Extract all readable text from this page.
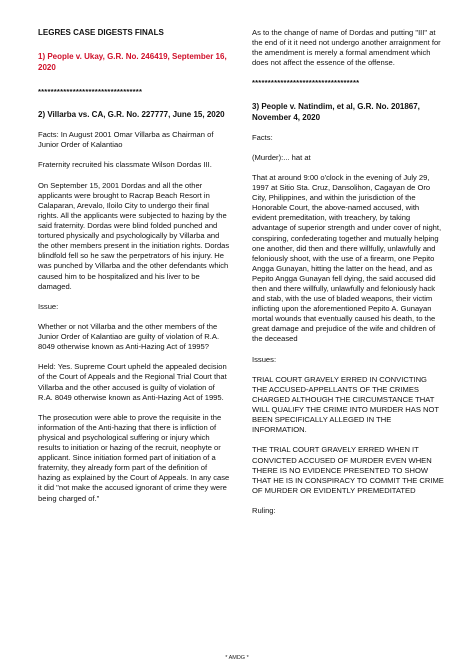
LEGRES CASE DIGESTS FINALS

1) People v. Ukay, G.R. No. 246419, September 16, 2020

*********************************

2) Villarba vs. CA, G.R. No. 227777, June 15, 2020

Facts: In August 2001 Omar Villarba as Chairman of Junior Order of Kalantiao

Fraternity recruited his classmate Wilson Dordas III.

On September 15, 2001 Dordas and all the other applicants were brought to Racrap Beach Resort in Calaparan, Arevalo, Iloilo City to undergo their final rights. All the applicants were subjected to hazing by the said fraternity. Dordas were blind folded punched and tortured physically and psychologically by Villarba and the other members present in the initiation rights. Dordas blindfold fell so he saw the perpetrators of his injury. He was punched by Villarba and the other defendants which caused him to be hospitalized and his liver to be damaged.

Issue:

Whether or not Villarba and the other members of the Junior Order of Kalantiao are guilty of violation of R.A. 8049 otherwise known as Anti-Hazing Act of 1995?

Held: Yes. Supreme Court upheld the appealed decision of the Court of Appeals and the Regional Trial Court that Villarba and the other accused is guilty of violation of R.A. 8049 otherwise known as Anti-Hazing Act of 1995.

The prosecution were able to prove the requisite in the information of the Anti-hazing that there is infliction of physical and psychological suffering or injury which results to initiation or hazing of the recruit, neophyte or applicant. Since initiation formed part of initiation of a fraternity, they already form part of the definition of hazing as explained by the Court of Appeals. In any case it did "not make the accused ignorant of crime they were being charged of."

As to the change of name of Dordas and putting "III" at the end of it it need not undergo another arraignment for the amendment is merely a formal amendment which does not affect the essence of the offense.

**********************************

3) People v. Natindim, et al, G.R. No. 201867, November 4, 2020

Facts:

(Murder):... hat at

That at around 9:00 o'clock in the evening of July 29, 1997 at Sitio Sta. Cruz, Dansolihon, Cagayan de Oro City, Philippines, and within the jurisdiction of the Honorable Court, the above-named accused, with evident premeditation, with treachery, by taking advantage of superior strength and under cover of night, conspiring, confederating together and mutually helping one another, did then and there willfully, unlawfully and feloniously shoot, with the use of a firearm, one Pepito Angga Gunayan, hitting the latter on the head, and as Pepito Angga Gunayan fell dying, the said accused did then and there willfully, unlawfully and feloniously hack and stab, with the use of bladed weapons, their victim inflicting upon the aforementioned Pepito A. Gunayan mortal wounds that eventually caused his death, to the great damage and prejudice of the wife and children of the deceased

Issues:

TRIAL COURT GRAVELY ERRED IN CONVICTING THE ACCUSED-APPELLANTS OF THE CRIMES CHARGED ALTHOUGH THE CIRCUMSTANCE THAT WILL QUALIFY THE CRIME INTO MURDER HAS NOT BEEN SPECIFICALLY ALLEGED IN THE INFORMATION.

THE TRIAL COURT GRAVELY ERRED WHEN IT CONVICTED ACCUSED OF MURDER EVEN WHEN THERE IS NO EVIDENCE PRESENTED TO SHOW THAT HE IS IN CONSPIRACY TO COMMIT THE CRIME OF MURDER OR EVIDENTLY PREMEDITATED

Ruling:

* AMDG *
